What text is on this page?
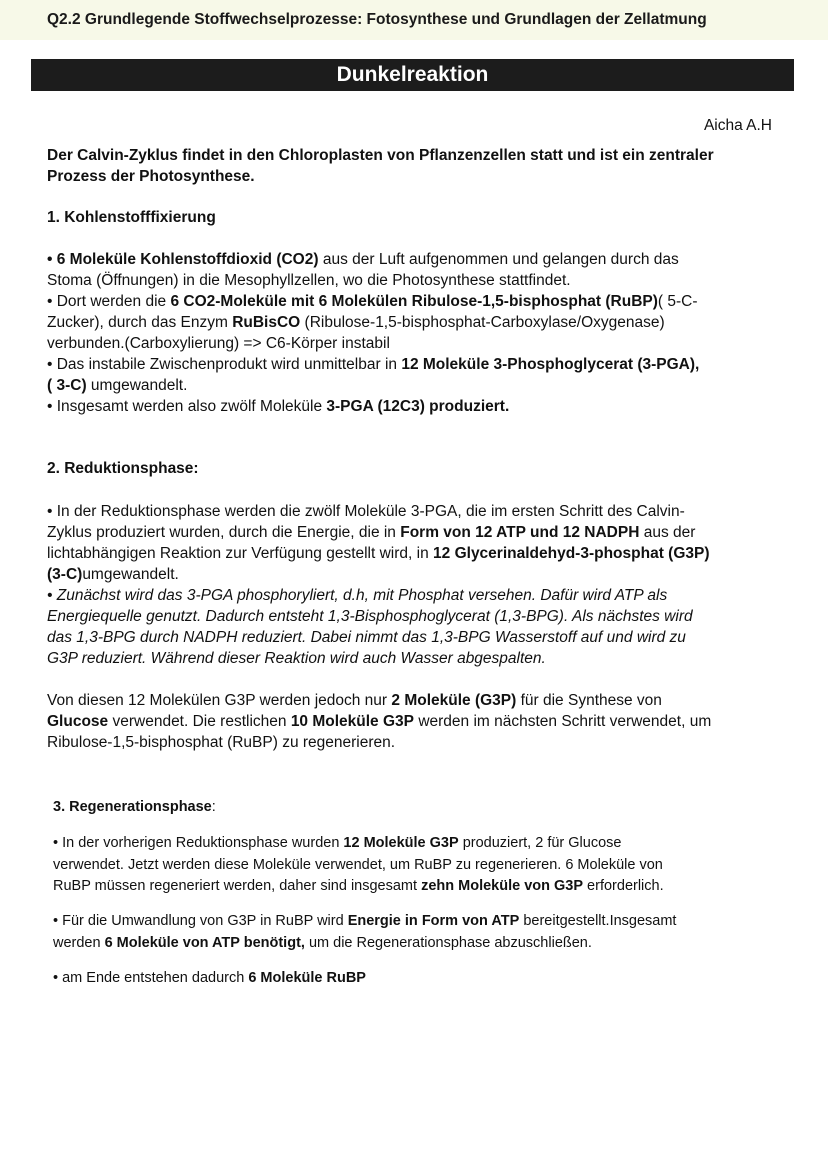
Q2.2 Grundlegende Stoffwechselprozesse: Fotosynthese und Grundlagen der Zellatmung
Dunkelreaktion
Aicha A.H

Der Calvin-Zyklus findet in den Chloroplasten von Pflanzenzellen statt und ist ein zentraler

Prozess der Photosynthese.

1. Kohlenstofffixierung

• 6 Moleküle Kohlenstoffdioxid (CO2) aus der Luft aufgenommen und gelangen durch das

Stoma (Öffnungen) in die Mesophyllzellen, wo die Photosynthese stattfindet.

• Dort werden die 6 CO2-Moleküle mit 6 Molekülen Ribulose-1,5-bisphosphat (RuBP)( 5-C-

Zucker), durch das Enzym RuBisCO (Ribulose-1,5-bisphosphat-Carboxylase/Oxygenase)

verbunden.(Carboxylierung) => C6-Körper instabil

• Das instabile Zwischenprodukt wird unmittelbar in 12 Moleküle 3-Phosphoglycerat (3-PGA),

( 3-C) umgewandelt.

• Insgesamt werden also zwölf Moleküle 3-PGA (12C3) produziert.

2. Reduktionsphase:

• In der Reduktionsphase werden die zwölf Moleküle 3-PGA, die im ersten Schritt des Calvin-

Zyklus produziert wurden, durch die Energie, die in Form von 12 ATP und 12 NADPH aus der

lichtabhängigen Reaktion zur Verfügung gestellt wird, in 12 Glycerinaldehyd-3-phosphat (G3P)

(3-C)umgewandelt.

• Zunächst wird das 3-PGA phosphoryliert, d.h, mit Phosphat versehen. Dafür wird ATP als

Energiequelle genutzt. Dadurch entsteht 1,3-Bisphosphoglycerat (1,3-BPG). Als nächstes wird

das 1,3-BPG durch NADPH reduziert. Dabei nimmt das 1,3-BPG Wasserstoff auf und wird zu

G3P reduziert. Während dieser Reaktion wird auch Wasser abgespalten.

Von diesen 12 Molekülen G3P werden jedoch nur 2 Moleküle (G3P) für die Synthese von

Glucose verwendet. Die restlichen 10 Moleküle G3P werden im nächsten Schritt verwendet, um

Ribulose-1,5-bisphosphat (RuBP) zu regenerieren.

3. Regenerationsphase:

• In der vorherigen Reduktionsphase wurden 12 Moleküle G3P produziert, 2 für Glucose

verwendet. Jetzt werden diese Moleküle verwendet, um RuBP zu regenerieren. 6 Moleküle von

RuBP müssen regeneriert werden, daher sind insgesamt zehn Moleküle von G3P erforderlich.

• Für die Umwandlung von G3P in RuBP wird Energie in Form von ATP bereitgestellt.Insgesamt

werden 6 Moleküle von ATP benötigt, um die Regenerationsphase abzuschließen.

• am Ende entstehen dadurch 6 Moleküle RuBP
